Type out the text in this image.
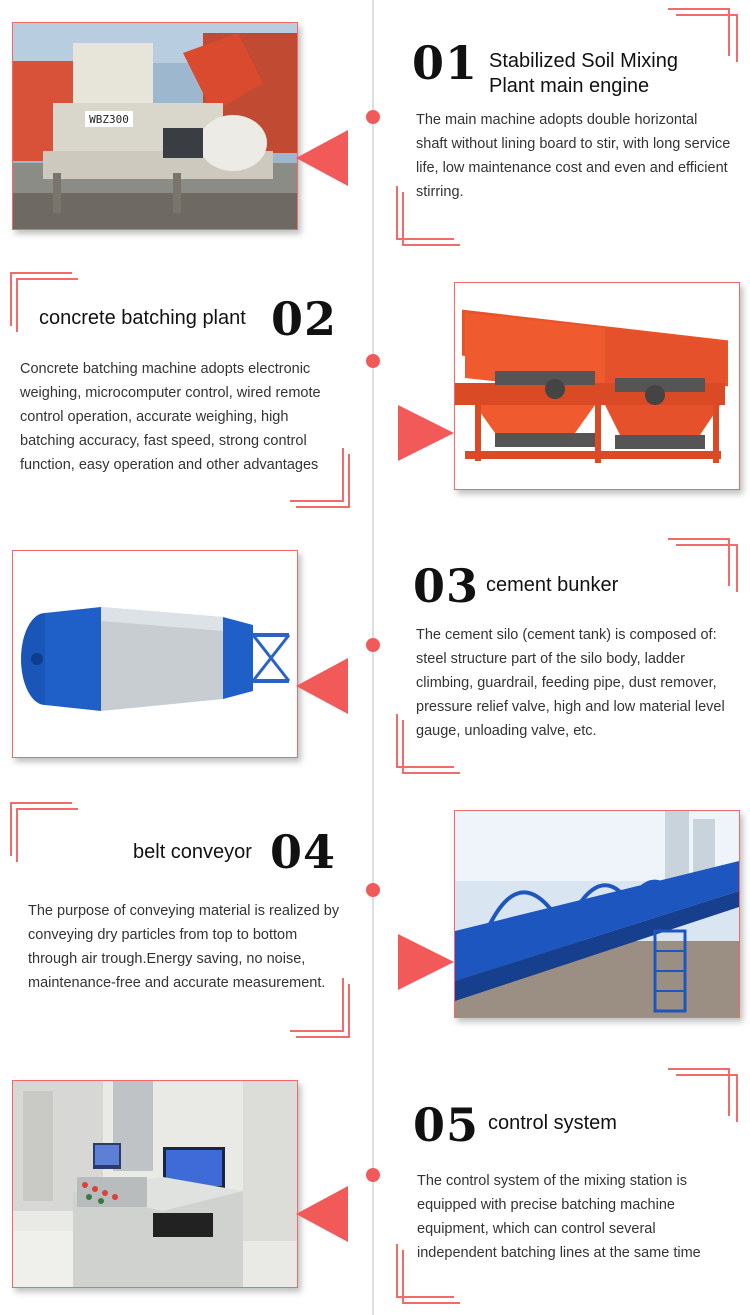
WBZ300
01 Stabilized Soil Mixing Plant main engine
The main machine adopts double horizontal shaft without lining board to stir, with long service life, low maintenance cost and even and efficient stirring.
concrete batching plant 02
Concrete batching machine adopts electronic weighing, microcomputer control, wired remote control operation, accurate weighing, high batching accuracy, fast speed, strong control function, easy operation and other advantages
03 cement bunker
The cement silo (cement tank) is composed of: steel structure part of the silo body, ladder climbing, guardrail, feeding pipe, dust remover, pressure relief valve, high and low material level gauge, unloading valve, etc.
belt conveyor 04
The purpose of conveying material is realized by conveying dry particles from top to bottom through air trough.Energy saving, no noise, maintenance-free and accurate measurement.
05 control system
The control system of the mixing station is equipped with precise batching machine equipment, which can control several independent batching lines at the same time
